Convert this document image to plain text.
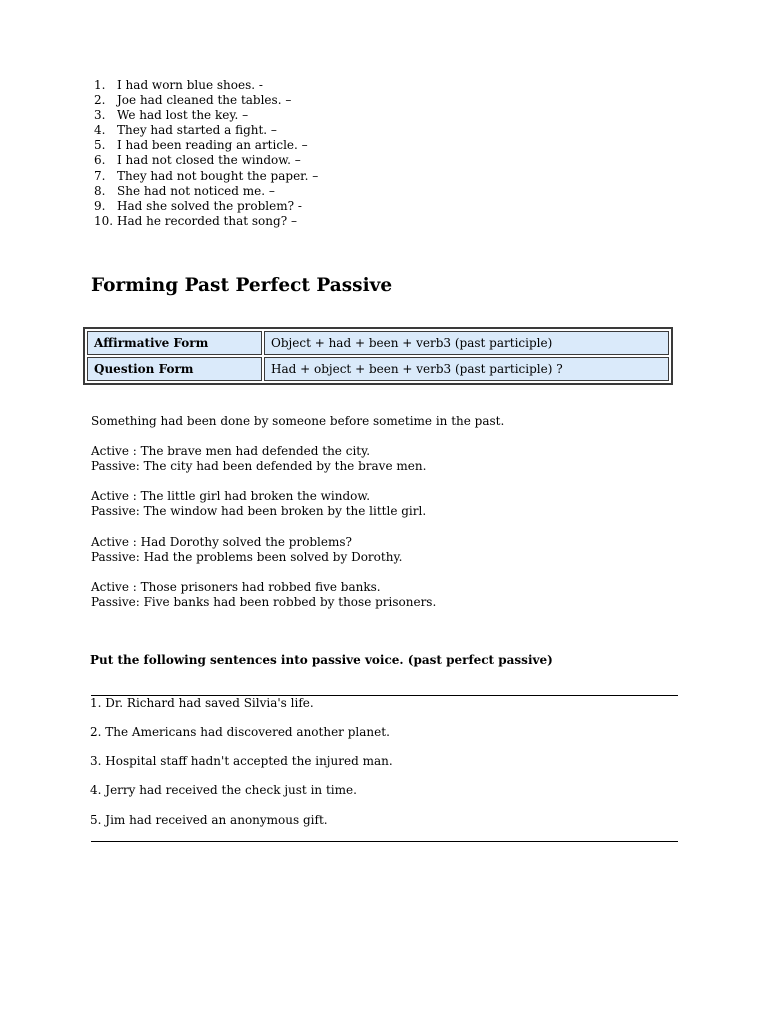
1. I had worn blue shoes. -
2. Joe had cleaned the tables. –
3. We had lost the key. –
4. They had started a fight. –
5. I had been reading an article. –
6. I had not closed the window. –
7. They had not bought the paper. –
8. She had not noticed me. –
9. Had she solved the problem? -
10. Had he recorded that song? –
Forming Past Perfect Passive
Affirmative Form	Object + had + been + verb3 (past participle)
Question Form	Had + object + been + verb3 (past participle) ?

Something had been done by someone before sometime in the past.

Active : The brave men had defended the city.

Passive: The city had been defended by the brave men.

Active : The little girl had broken the window.

Passive: The window had been broken by the little girl.

Active : Had Dorothy solved the problems?

Passive: Had the problems been solved by Dorothy.

Active : Those prisoners had robbed five banks.

Passive: Five banks had been robbed by those prisoners.

Put the following sentences into passive voice. (past perfect passive)

1. Dr. Richard had saved Silvia's life.

2. The Americans had discovered another planet.

3. Hospital staff hadn't accepted the injured man.

4. Jerry had received the check just in time.

5. Jim had received an anonymous gift.
